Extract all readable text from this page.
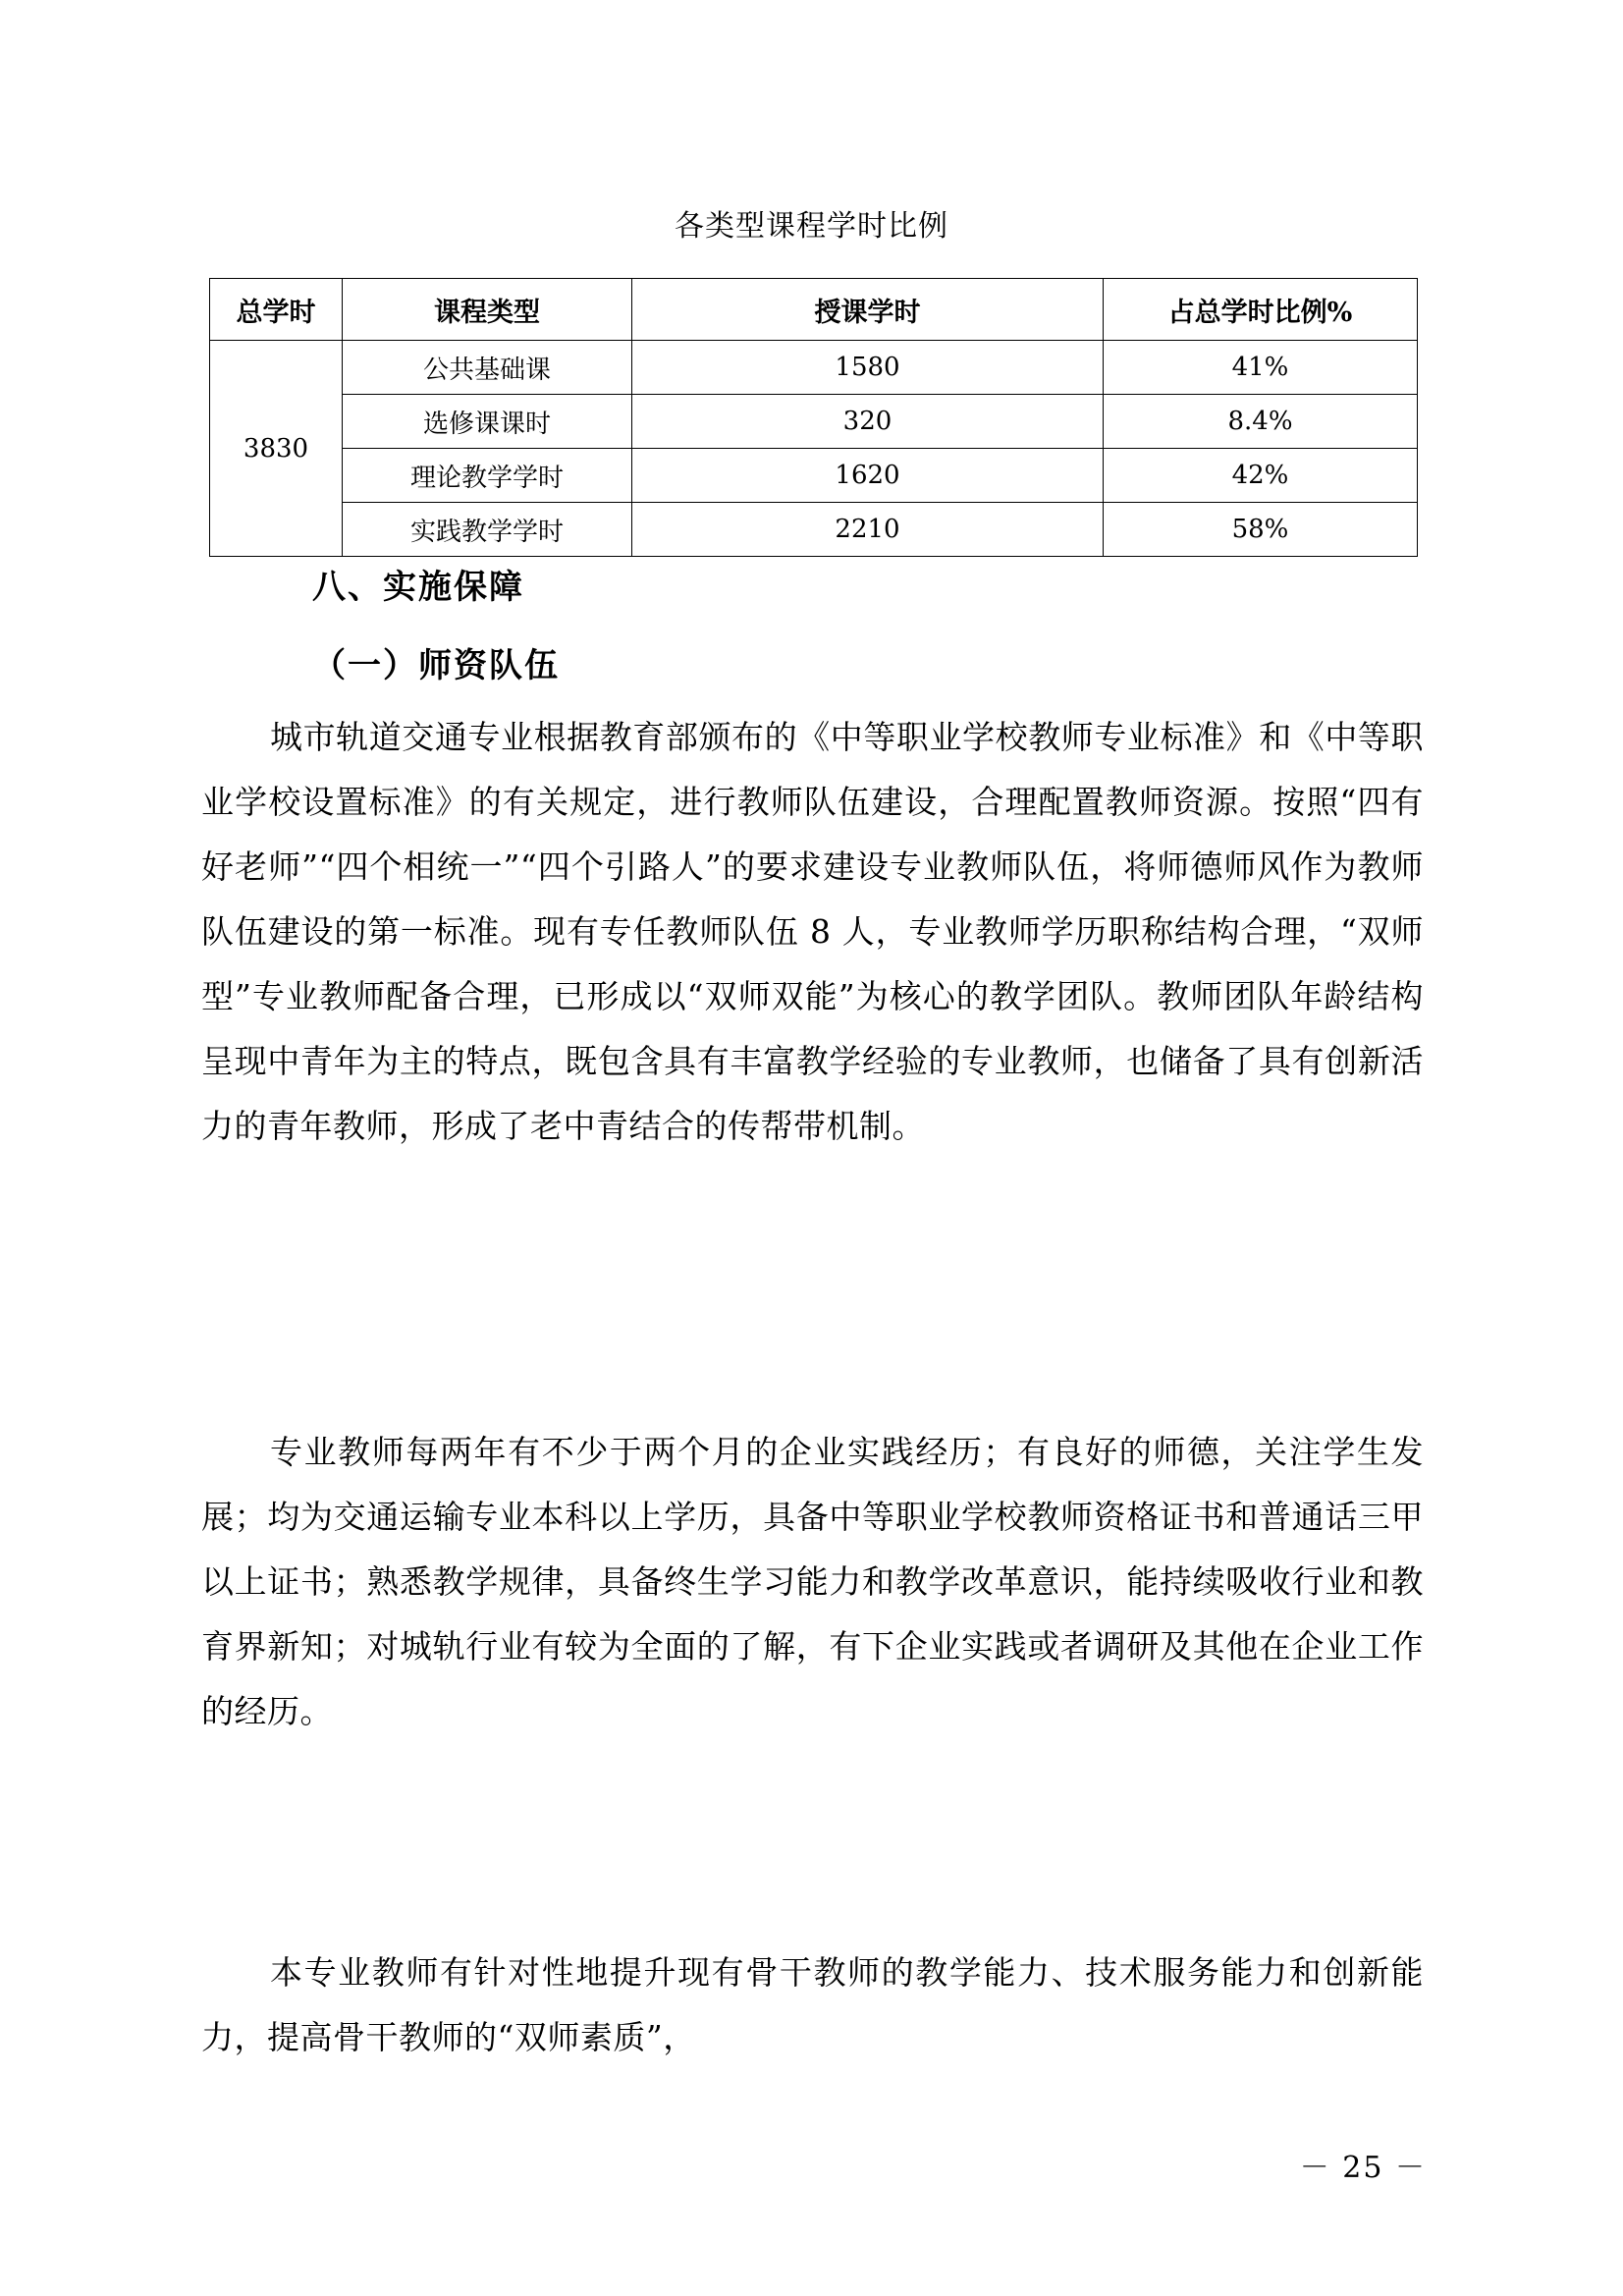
各类型课程学时比例
总学时	课程类型	授课学时	占总学时比例%
3830	公共基础课	1580	41%
	选修课课时	320	8.4%
	理论教学学时	1620	42%
	实践教学学时	2210	58%
八、实施保障
（一）师资队伍
城市轨道交通专业根据教育部颁布的《中等职业学校教师专业标准》和《中等职业学校设置标准》的有关规定，进行教师队伍建设，合理配置教师资源。按照“四有好老师”“四个相统一”“四个引路人”的要求建设专业教师队伍，将师德师风作为教师队伍建设的第一标准。现有专任教师队伍 8 人，专业教师学历职称结构合理，“双师型”专业教师配备合理，已形成以“双师双能”为核心的教学团队。教师团队年龄结构呈现中青年为主的特点，既包含具有丰富教学经验的专业教师，也储备了具有创新活力的青年教师，形成了老中青结合的传帮带机制。
专业教师每两年有不少于两个月的企业实践经历；有良好的师德，关注学生发展；均为交通运输专业本科以上学历，具备中等职业学校教师资格证书和普通话三甲以上证书；熟悉教学规律，具备终生学习能力和教学改革意识，能持续吸收行业和教育界新知；对城轨行业有较为全面的了解，有下企业实践或者调研及其他在企业工作的经历。
本专业教师有针对性地提升现有骨干教师的教学能力、技术服务能力和创新能力，提高骨干教师的“双师素质”，
－ 25 －
